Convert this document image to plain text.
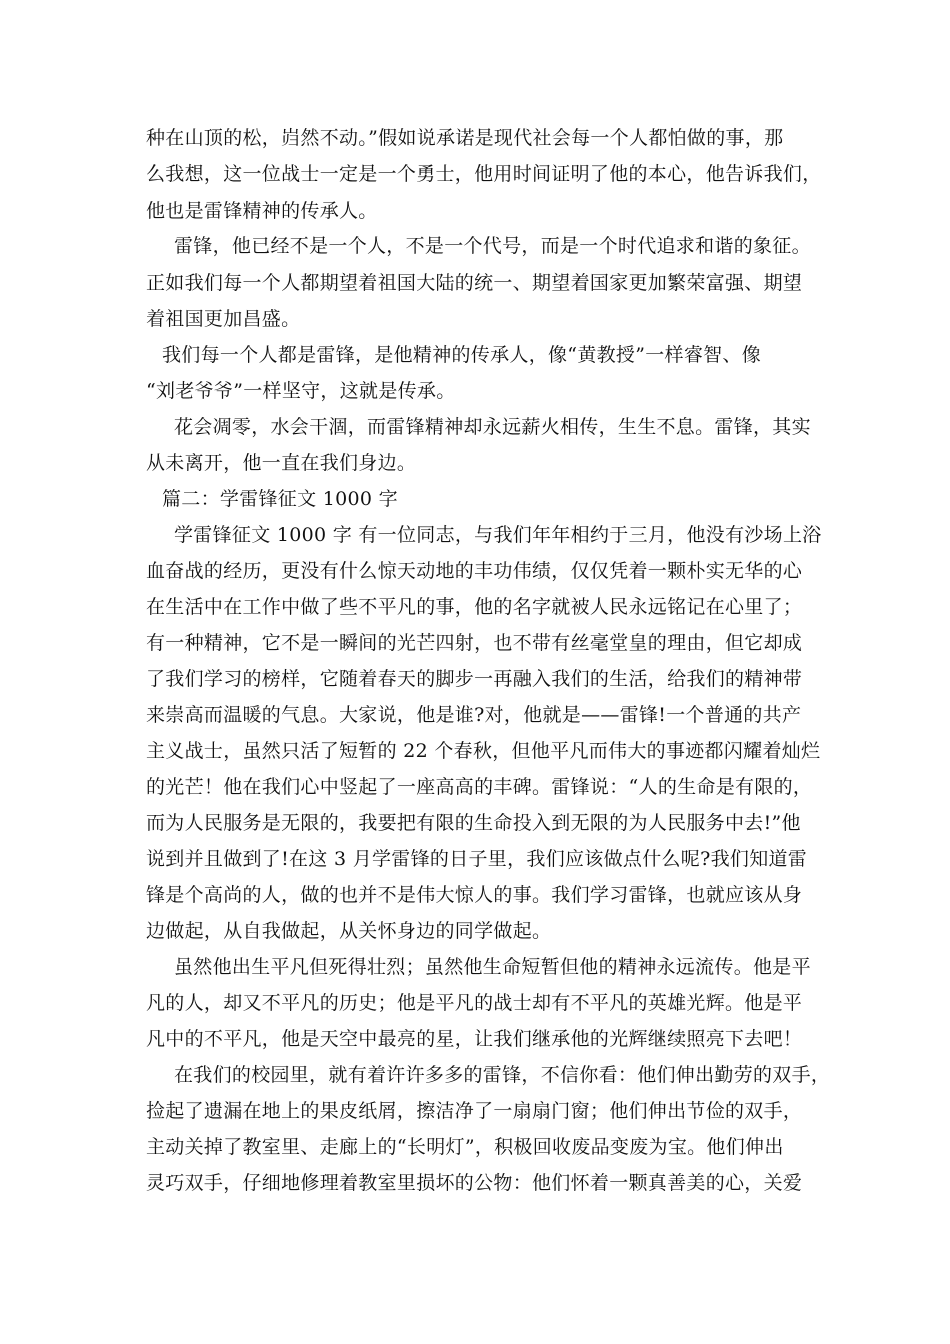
种在山顶的松，岿然不动。”假如说承诺是现代社会每一个人都怕做的事，那
么我想，这一位战士一定是一个勇士，他用时间证明了他的本心，他告诉我们，
他也是雷锋精神的传承人。
雷锋，他已经不是一个人，不是一个代号，而是一个时代追求和谐的象征。
正如我们每一个人都期望着祖国大陆的统一、期望着国家更加繁荣富强、期望
着祖国更加昌盛。
我们每一个人都是雷锋，是他精神的传承人，像“黄教授”一样睿智、像
“刘老爷爷”一样坚守，这就是传承。
花会凋零，水会干涸，而雷锋精神却永远薪火相传，生生不息。雷锋，其实
从未离开，他一直在我们身边。
篇二：学雷锋征文 1000 字
学雷锋征文 1000 字 有一位同志，与我们年年相约于三月，他没有沙场上浴
血奋战的经历，更没有什么惊天动地的丰功伟绩，仅仅凭着一颗朴实无华的心
在生活中在工作中做了些不平凡的事，他的名字就被人民永远铭记在心里了；
有一种精神，它不是一瞬间的光芒四射，也不带有丝毫堂皇的理由，但它却成
了我们学习的榜样，它随着春天的脚步一再融入我们的生活，给我们的精神带
来崇高而温暖的气息。大家说，他是谁?对，他就是——雷锋!一个普通的共产
主义战士，虽然只活了短暂的 22 个春秋，但他平凡而伟大的事迹都闪耀着灿烂
的光芒！他在我们心中竖起了一座高高的丰碑。雷锋说：“人的生命是有限的，
而为人民服务是无限的，我要把有限的生命投入到无限的为人民服务中去!”他
说到并且做到了!在这 3 月学雷锋的日子里，我们应该做点什么呢?我们知道雷
锋是个高尚的人，做的也并不是伟大惊人的事。我们学习雷锋，也就应该从身
边做起，从自我做起，从关怀身边的同学做起。
虽然他出生平凡但死得壮烈；虽然他生命短暂但他的精神永远流传。他是平
凡的人，却又不平凡的历史；他是平凡的战士却有不平凡的英雄光辉。他是平
凡中的不平凡，他是天空中最亮的星，让我们继承他的光辉继续照亮下去吧！
在我们的校园里，就有着许许多多的雷锋，不信你看：他们伸出勤劳的双手，
捡起了遗漏在地上的果皮纸屑，擦洁净了一扇扇门窗；他们伸出节俭的双手，
主动关掉了教室里、走廊上的“长明灯”，积极回收废品变废为宝。他们伸出
灵巧双手，仔细地修理着教室里损坏的公物：他们怀着一颗真善美的心，关爱
